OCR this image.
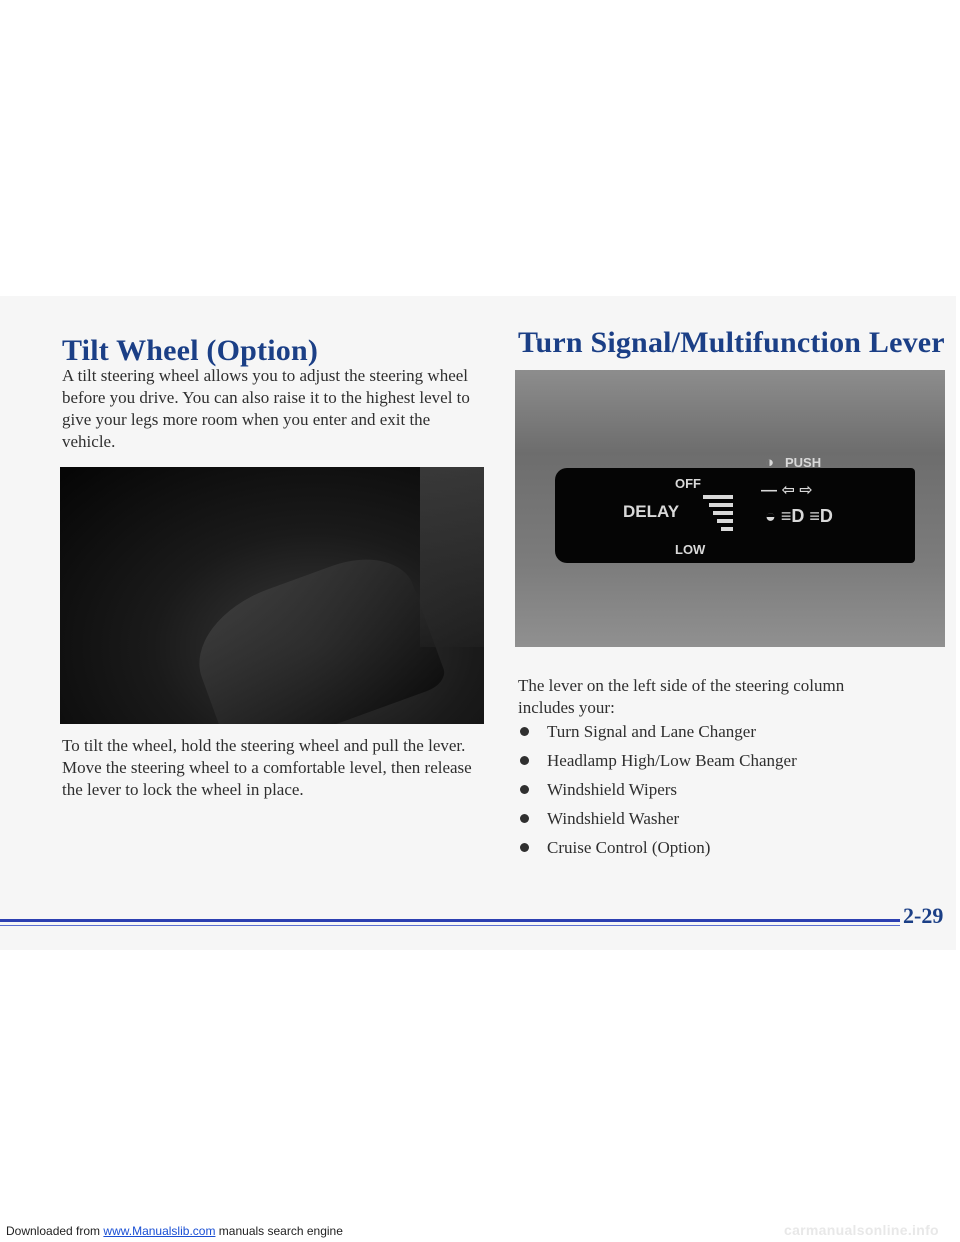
Tilt Wheel (Option)

A tilt steering wheel allows you to adjust the steering wheel before you drive. You can also raise it to the highest level to give your legs more room when you enter and exit the vehicle.

To tilt the wheel, hold the steering wheel and pull the lever. Move the steering wheel to a comfortable level, then release the lever to lock the wheel in place.

Turn Signal/Multifunction Lever
OFF
DELAY
LOW
PUSH
◑
— ⇦ ⇨
◒ ≡D ≡D

The lever on the left side of the steering column includes your:

Turn Signal and Lane Changer
Headlamp High/Low Beam Changer
Windshield Wipers
Windshield Washer
Cruise Control (Option)
2-29
Downloaded from www.Manualslib.com manuals search engine	carmanualsonline.info
